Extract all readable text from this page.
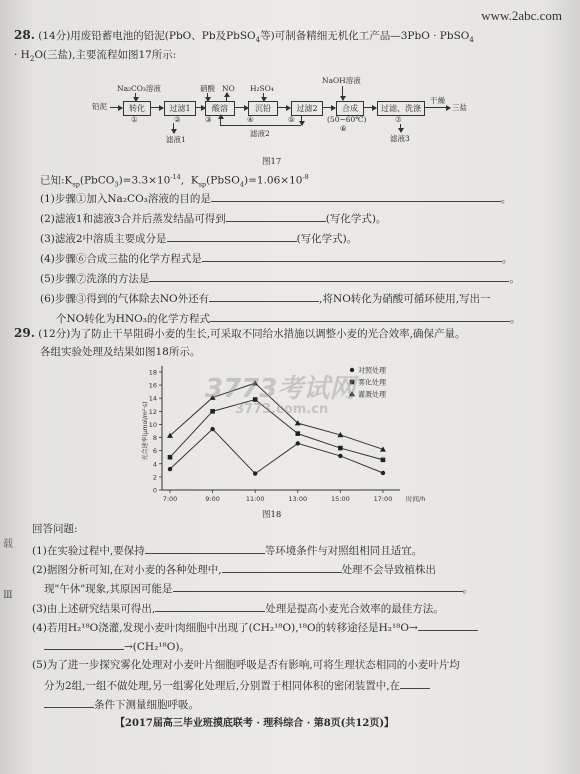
www.2abc.com
28. (14分)用废铅蓄电池的铅泥(PbO、Pb及PbSO$_4$等)可制备精细无机化工产品—3PbO · PbSO$_4$
· $H_2O$(三盐),主要流程如图17所示:
铅泥
Na₂CO₃溶液
转化
①
过滤1
②
滤液1
硝酸 NO
酸溶
③
H₂SO₄
沉铅
④
过滤2
⑤
滤液2
NaOH溶液
合成
(50~60℃)
⑥
过滤、洗涤
⑦
滤液3
干燥
三盐
图17
已知$:K_{sp}(PbCO_3)=3.3\times 10^{-14}$,  $K_{sp}(PbSO_4)=1.06\times 10^{-8}$
(1)步骤①加入Na₂CO₃溶液的目的是	。
(2)滤液1和滤液3合并后蒸发结晶可得到	(写化学式)。
(3)滤液2中溶质主要成分是	(写化学式)。
(4)步骤⑥合成三盐的化学方程式是	。
(5)步骤⑦洗涤的方法是	。
(6)步骤③得到的气体除去NO外还有	,将NO转化为硝酸可循环使用,写出一
个NO转化为HNO₃的化学方程式	。
29. (12分)为了防止干旱阻碍小麦的生长,可采取不同给水措施以调整小麦的光合效率,确保产量。
各组实验处理及结果如图18所示。
0
2
4
6
8
10
12
14
16
18
7:00	9:00	11:00	13:00	15:00	17:00 时间/h
光合速率(μmol/m²·s)
对照处理
雾化处理
灌溉处理
图18
3773考试网
3773.com.cn
回答问题:
(1)在实验过程中,要保持	等环境条件与对照组相同且适宜。
(2)据图分析可知,在对小麦的各种处理中,	处理不会导致植株出
现"午休"现象,其原因可能是	。
(3)由上述研究结果可得出,	处理是提高小麦光合效率的最佳方法。
(4)若用H₂¹⁸O浇灌,发现小麦叶肉细胞中出现了(CH₂¹⁸O),¹⁸O的转移途径是H₂¹⁸O→
→(CH₂¹⁸O)。
(5)为了进一步探究雾化处理对小麦叶片细胞呼吸是否有影响,可将生理状态相同的小麦叶片均
分为2组,一组不做处理,另一组雾化处理后,分别置于相同体积的密闭装置中,在
条件下测量细胞呼吸。
【2017届高三毕业班摸底联考 · 理科综合 · 第8页(共12页)】
载
Ⅲ
